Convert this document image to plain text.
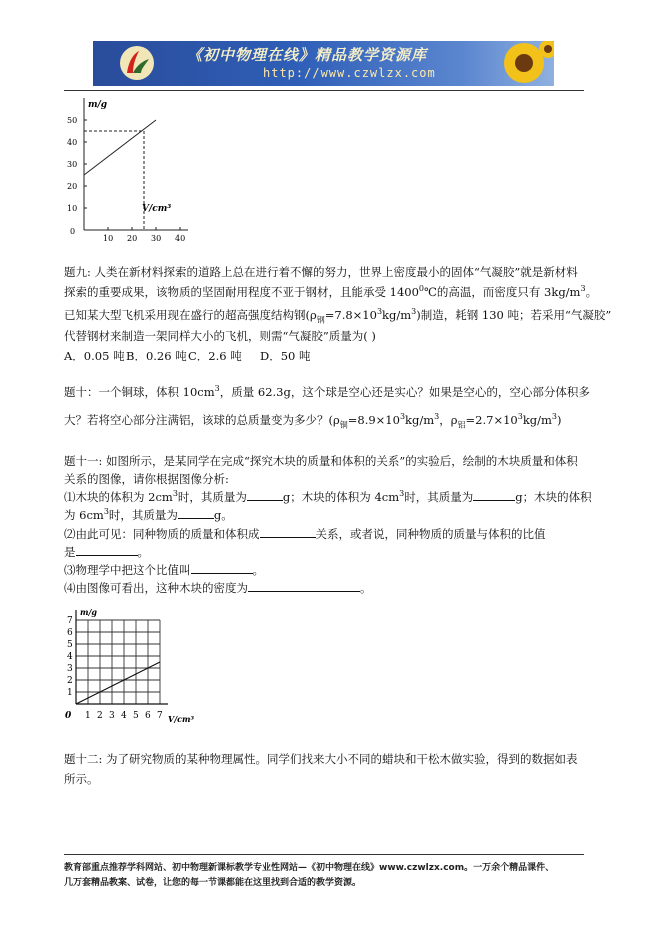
《初中物理在线》精品教学资源库
http://www.czwlzx.com
m/g
V/cm³
0
10
20
30
40
50
10 20 30 40
题九: 人类在新材料探索的道路上总在进行着不懈的努力，世界上密度最小的固体“气凝胶”就是新材料
探索的重要成果，该物质的坚固耐用程度不亚于钢材，且能承受 1400$^0$℃的高温，而密度只有 $3kg/m^3$。
已知某大型飞机采用现在盛行的超高强度结构钢$(\rho_钢=7.8\times 10^3kg/m^3)$制造，耗钢 130 吨；若采用“气凝胶”
代替钢材来制造一架同样大小的飞机，则需“气凝胶”质量为( )
A．0.05 吨 B．0.26 吨 C．2.6 吨 D．50 吨
题十：一个铜球，体积 $10cm^3$，质量 62.3g，这个球是空心还是实心？如果是空心的，空心部分体积多
大？若将空心部分注满铝，该球的总质量变为多少？($\rho_铜=8.9\times 10^3kg/m^3$，$\rho_铝=2.7\times 10^3kg/m^3$)
题十一: 如图所示，是某同学在完成“探究木块的质量和体积的关系”的实验后，绘制的木块质量和体积
关系的图像，请你根据图像分析:
⑴木块的体积为 $2cm^3$时，其质量为	g；木块的体积为 $4cm^3$时，其质量为	g；木块的体积
为 $6cm^3$时，其质量为	g。
⑵由此可见：同种物质的质量和体积成	关系，或者说，同种物质的质量与体积的比值
是	。
⑶物理学中把这个比值叫	。
⑷由图像可看出，这种木块的密度为	。
m/g
V/cm³
0
1
2
3
4
5
6
7
1 2 3 4 5 6 7
题十二: 为了研究物质的某种物理属性。同学们找来大小不同的蜡块和干松木做实验，得到的数据如表
所示。
教育部重点推荐学科网站、初中物理新课标教学专业性网站—《初中物理在线》www.czwlzx.com。一万余个精品课件、
几万套精品教案、试卷，让您的每一节课都能在这里找到合适的教学资源。
